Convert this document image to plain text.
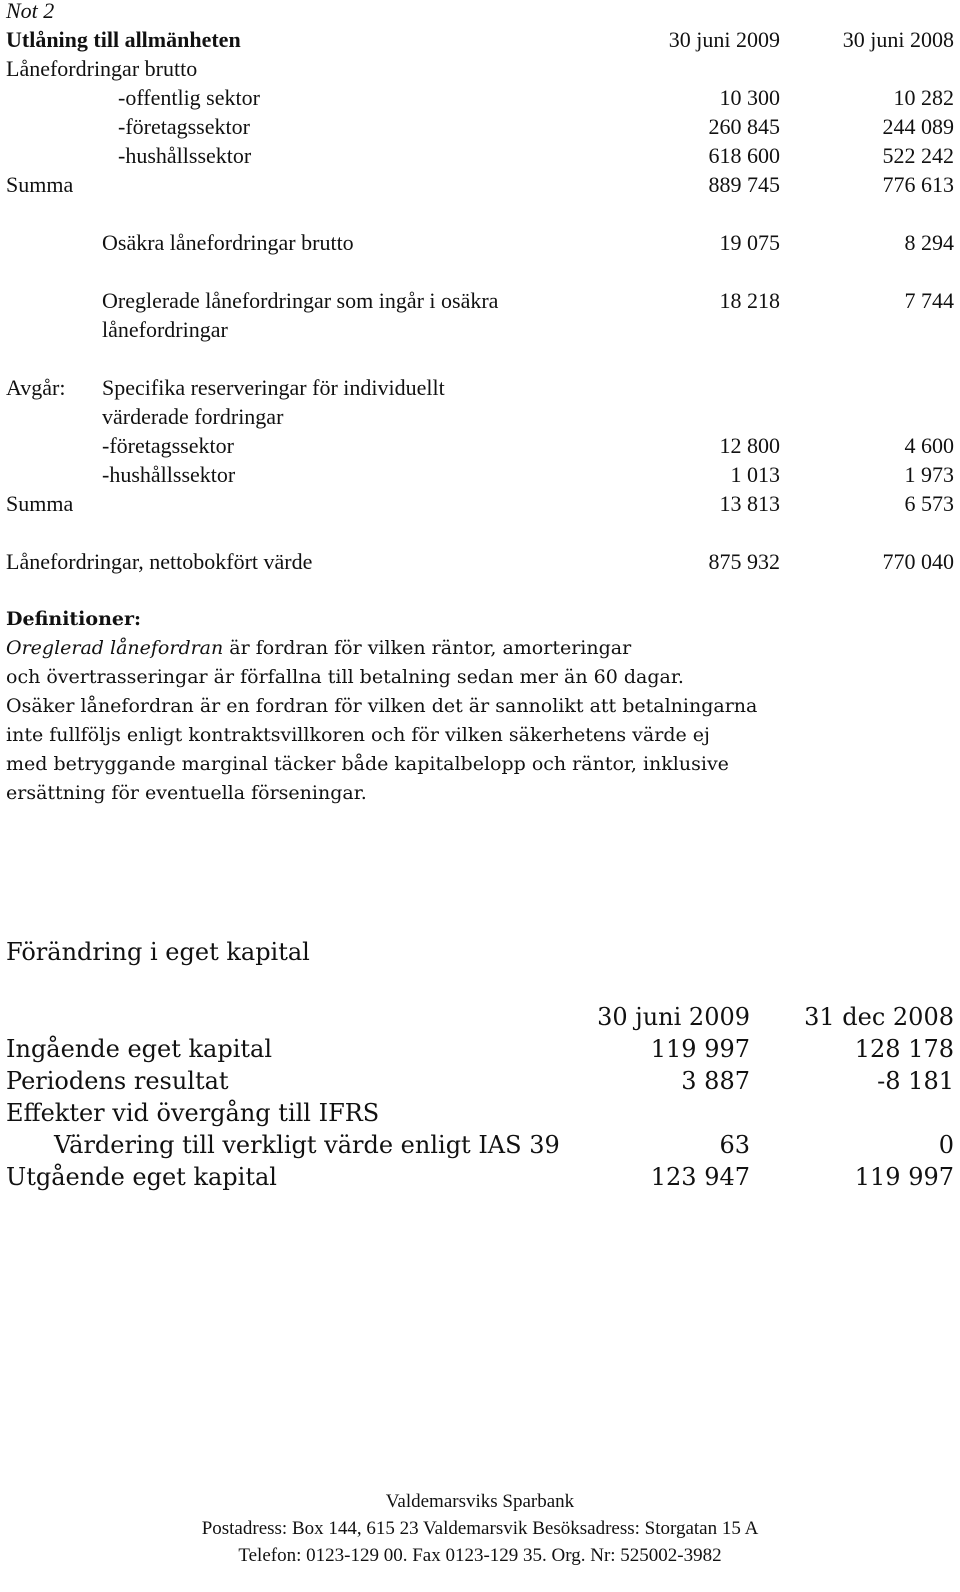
Not 2
Utlåning till allmänheten	30 juni 2009	30 juni 2008
Lånefordringar brutto
-offentlig sektor	10 300	10 282
-företagssektor	260 845	244 089
-hushållssektor	618 600	522 242
Summa	889 745	776 613
Osäkra lånefordringar brutto	19 075	8 294
Oreglerade lånefordringar som ingår i osäkra
lånefordringar
18 218	7 744
Avgår: Specifika reserveringar för individuellt
värderade fordringar
-företagssektor	12 800	4 600
-hushållssektor	1 013	1 973
Summa	13 813	6 573
Lånefordringar, nettobokfört värde	875 932	770 040
Definitioner:
Oreglerad lånefordran är fordran för vilken räntor, amorteringar
och övertrasseringar är förfallna till betalning sedan mer än 60 dagar.
Osäker lånefordran är en fordran för vilken det är sannolikt att betalningarna
inte fullföljs enligt kontraktsvillkoren och för vilken säkerhetens värde ej
med betryggande marginal täcker både kapitalbelopp och räntor, inklusive
ersättning för eventuella förseningar.
Förändring i eget kapital
30 juni 2009	31 dec 2008
Ingående eget kapital	119 997	128 178
Periodens resultat	3 887	-8 181
Effekter vid övergång till IFRS
Värdering till verkligt värde enligt IAS 39	63	0
Utgående eget kapital	123 947	119 997
Valdemarsviks Sparbank
Postadress: Box 144, 615 23 Valdemarsvik Besöksadress: Storgatan 15 A
Telefon: 0123-129 00. Fax 0123-129 35. Org. Nr: 525002-3982
